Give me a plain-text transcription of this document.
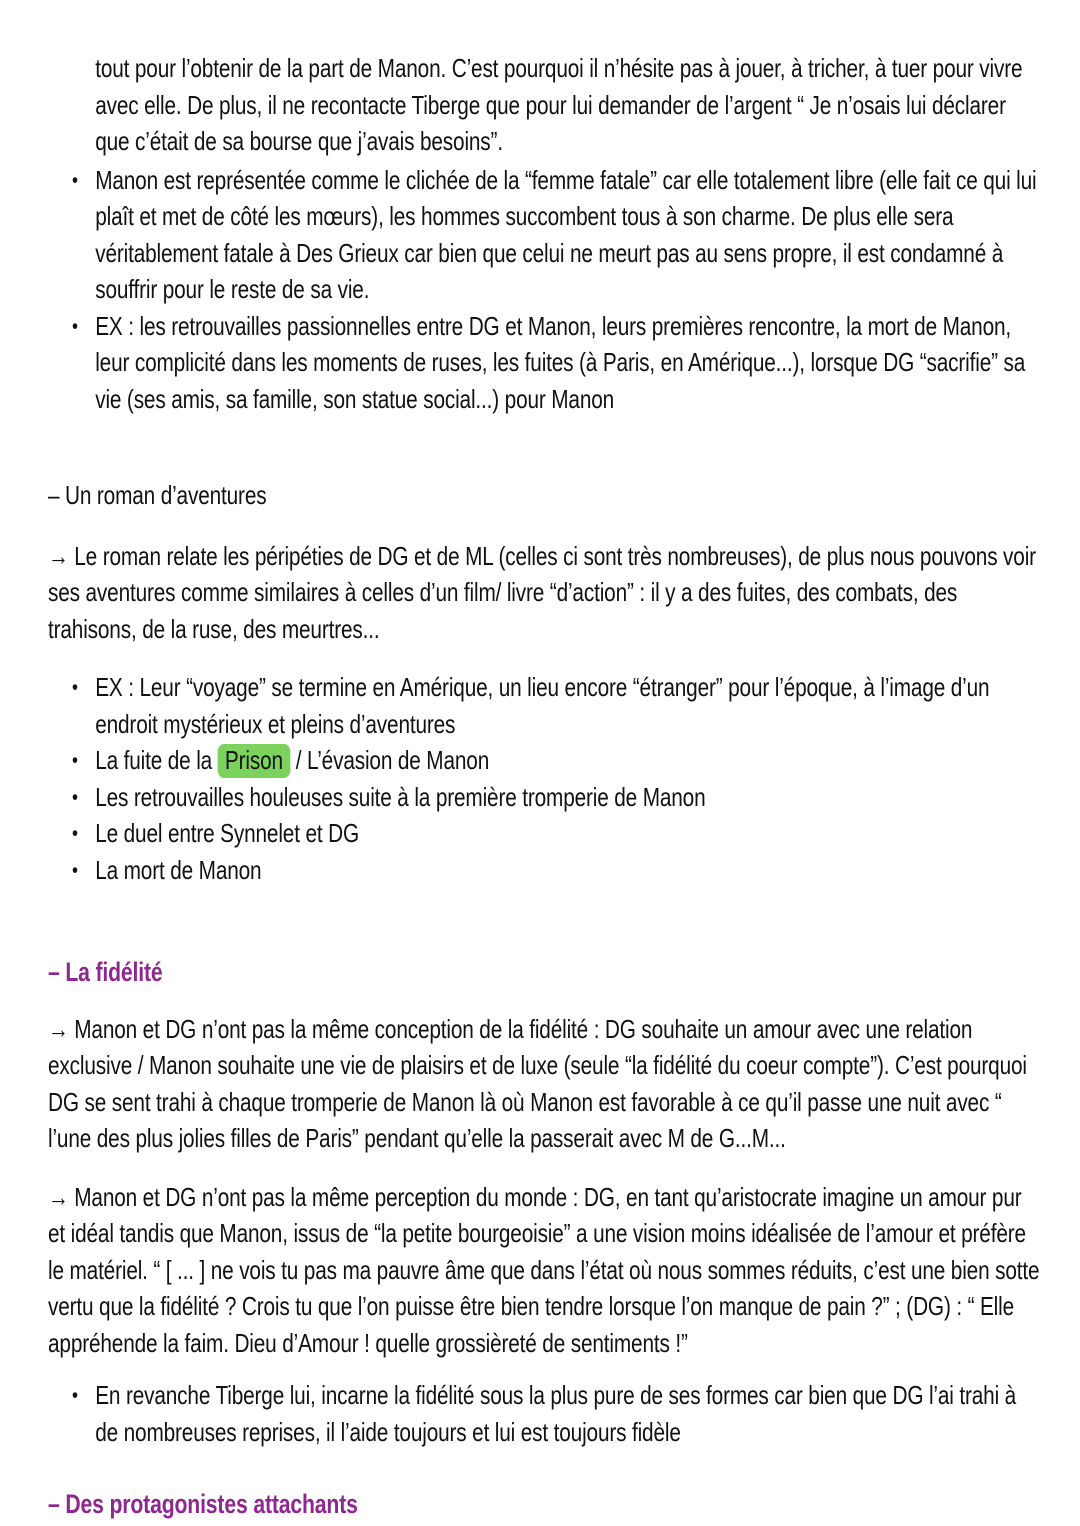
tout pour l’obtenir de la part de Manon. C’est pourquoi il n’hésite pas à jouer, à tricher, à tuer pour vivre avec elle. De plus, il ne recontacte Tiberge que pour lui demander de l’argent “ Je n’osais lui déclarer que c’était de sa bourse que j’avais besoins”.

• Manon est représentée comme le clichée de la “femme fatale” car elle totalement libre (elle fait ce qui lui plaît et met de côté les mœurs), les hommes succombent tous à son charme. De plus elle sera véritablement fatale à Des Grieux car bien que celui ne meurt pas au sens propre, il est condamné à souffrir pour le reste de sa vie.
• EX : les retrouvailles passionnelles entre DG et Manon, leurs premières rencontre, la mort de Manon, leur complicité dans les moments de ruses, les fuites (à Paris, en Amérique...), lorsque DG “sacrifie” sa vie (ses amis, sa famille, son statue social...) pour Manon
– Un roman d’aventures

→ Le roman relate les péripéties de DG et de ML (celles ci sont très nombreuses), de plus nous pouvons voir ses aventures comme similaires à celles d’un film/ livre “d’action” : il y a des fuites, des combats, des trahisons, de la ruse, des meurtres...

• EX : Leur “voyage” se termine en Amérique, un lieu encore “étranger” pour l’époque, à l’image d’un endroit mystérieux et pleins d’aventures
• La fuite de la Prison / L’évasion de Manon
• Les retrouvailles houleuses suite à la première tromperie de Manon
• Le duel entre Synnelet et DG
• La mort de Manon
– La fidélité

→ Manon et DG n’ont pas la même conception de la fidélité : DG souhaite un amour avec une relation exclusive / Manon souhaite une vie de plaisirs et de luxe (seule “la fidélité du coeur compte”). C’est pourquoi DG se sent trahi à chaque tromperie de Manon là où Manon est favorable à ce qu’il passe une nuit avec “ l’une des plus jolies filles de Paris” pendant qu’elle la passerait avec M de G...M...

→ Manon et DG n’ont pas la même perception du monde : DG, en tant qu’aristocrate imagine un amour pur et idéal tandis que Manon, issus de “la petite bourgeoisie” a une vision moins idéalisée de l’amour et préfère le matériel. “ [ ... ] ne vois tu pas ma pauvre âme que dans l’état où nous sommes réduits, c’est une bien sotte vertu que la fidélité ? Crois tu que l’on puisse être bien tendre lorsque l’on manque de pain ?” ; (DG) : “ Elle appréhende la faim. Dieu d’Amour ! quelle grossièreté de sentiments !”

• En revanche Tiberge lui, incarne la fidélité sous la plus pure de ses formes car bien que DG l’ai trahi à de nombreuses reprises, il l’aide toujours et lui est toujours fidèle
– Des protagonistes attachants
